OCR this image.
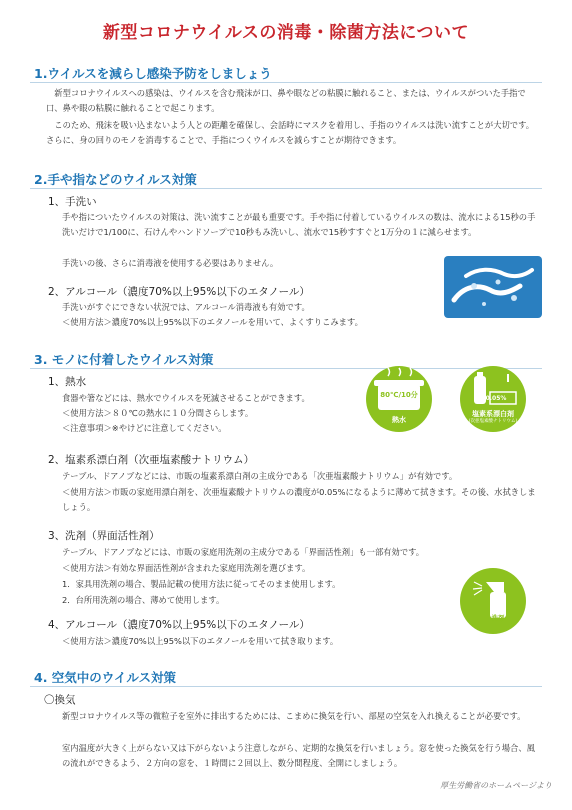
新型コロナウイルスの消毒・除菌方法について
1.ウイルスを減らし感染予防をしましょう
新型コロナウイルスへの感染は、ウイルスを含む飛沫が口、鼻や眼などの粘膜に触れること、または、ウイルスがついた手指で口、鼻や眼の粘膜に触れることで起こります。
このため、飛沫を吸い込まないよう人との距離を確保し、会話時にマスクを着用し、手指のウイルスは洗い流すことが大切です。さらに、身の回りのモノを消毒することで、手指につくウイルスを減らすことが期待できます。
2.手や指などのウイルス対策
1、手洗い
手や指についたウイルスの対策は、洗い流すことが最も重要です。手や指に付着しているウイルスの数は、流水による15秒の手洗いだけで1/100に、石けんやハンドソープで10秒もみ洗いし、流水で15秒すすぐと1万分の１に減らせます。
手洗いの後、さらに消毒液を使用する必要はありません。
2、アルコール（濃度70%以上95%以下のエタノール）
手洗いがすぐにできない状況では、アルコール消毒液も有効です。
＜使用方法＞濃度70%以上95%以下のエタノールを用いて、よくすりこみます。
3. モノに付着したウイルス対策
1、熱水
食器や箸などには、熱水でウイルスを死滅させることができます。
＜使用方法＞８０℃の熱水に１０分間さらします。
＜注意事項＞※やけどに注意してください。
80℃/10分
熱水
0.05%
塩素系漂白剤
(次亜塩素酸ナトリウム)
2、塩素系漂白剤（次亜塩素酸ナトリウム）
テーブル、ドアノブなどには、市販の塩素系漂白剤の主成分である「次亜塩素酸ナトリウム」が有効です。
＜使用方法＞市販の家庭用漂白剤を、次亜塩素酸ナトリウムの濃度が0.05%になるように薄めて拭きます。その後、水拭きしましょう。
3、洗剤（界面活性剤）
テーブル、ドアノブなどには、市販の家庭用洗剤の主成分である「界面活性剤」も一部有効です。
＜使用方法＞有効な界面活性剤が含まれた家庭用洗剤を選びます。
1．家具用洗剤の場合、製品記載の使用方法に従ってそのまま使用します。
2．台所用洗剤の場合、薄めて使用します。
洗剤
4、アルコール（濃度70%以上95%以下のエタノール）
＜使用方法＞濃度70%以上95%以下のエタノールを用いて拭き取ります。
4. 空気中のウイルス対策
〇換気
新型コロナウイルス等の微粒子を室外に排出するためには、こまめに換気を行い、部屋の空気を入れ換えることが必要です。
室内温度が大きく上がらない又は下がらないよう注意しながら、定期的な換気を行いましょう。窓を使った換気を行う場合、風の流れができるよう、２方向の窓を、１時間に２回以上、数分間程度、全開にしましょう。
厚生労働省のホームページより
